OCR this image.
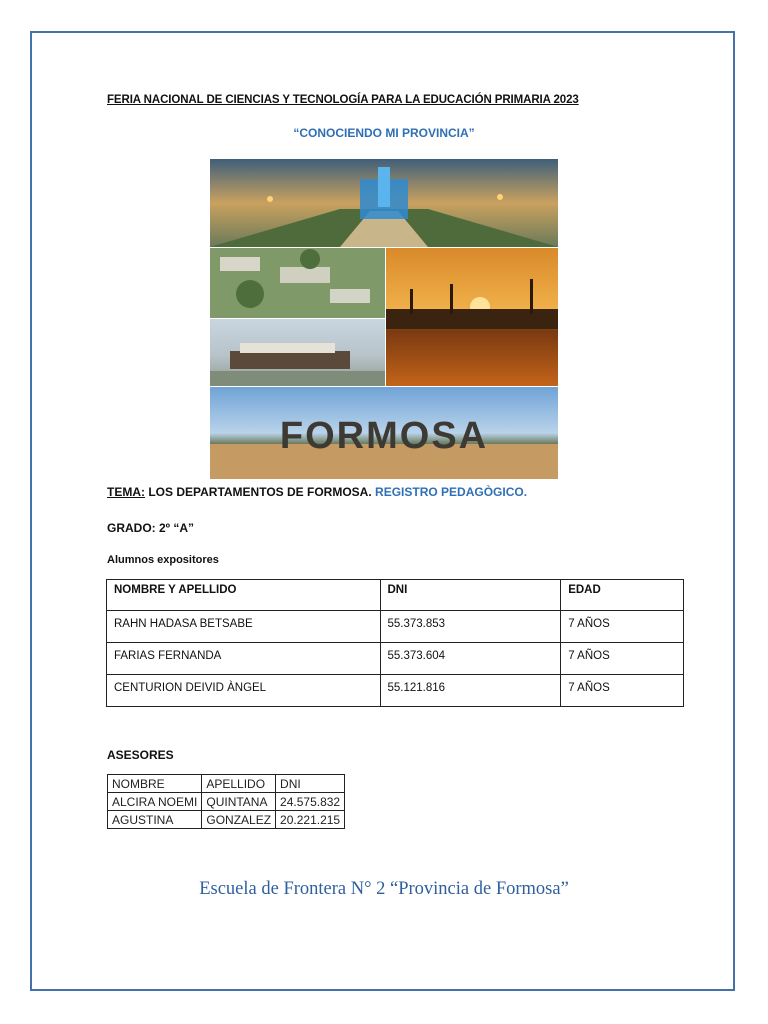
FERIA NACIONAL DE CIENCIAS Y TECNOLOGÍA PARA LA EDUCACIÓN PRIMARIA 2023
“CONOCIENDO MI PROVINCIA”
FORMOSA
TEMA: LOS DEPARTAMENTOS DE FORMOSA. REGISTRO PEDAGÒGICO.
GRADO: 2º “A”
Alumnos expositores
NOMBRE Y APELLIDO	DNI	EDAD
RAHN HADASA BETSABE	55.373.853	7 AÑOS
FARIAS FERNANDA	55.373.604	7 AÑOS
CENTURION DEIVID ÀNGEL	55.121.816	7 AÑOS
ASESORES
NOMBRE	APELLIDO	DNI
ALCIRA NOEMI	QUINTANA	24.575.832
AGUSTINA	GONZALEZ	20.221.215
Escuela de Frontera N° 2 “Provincia de Formosa”
